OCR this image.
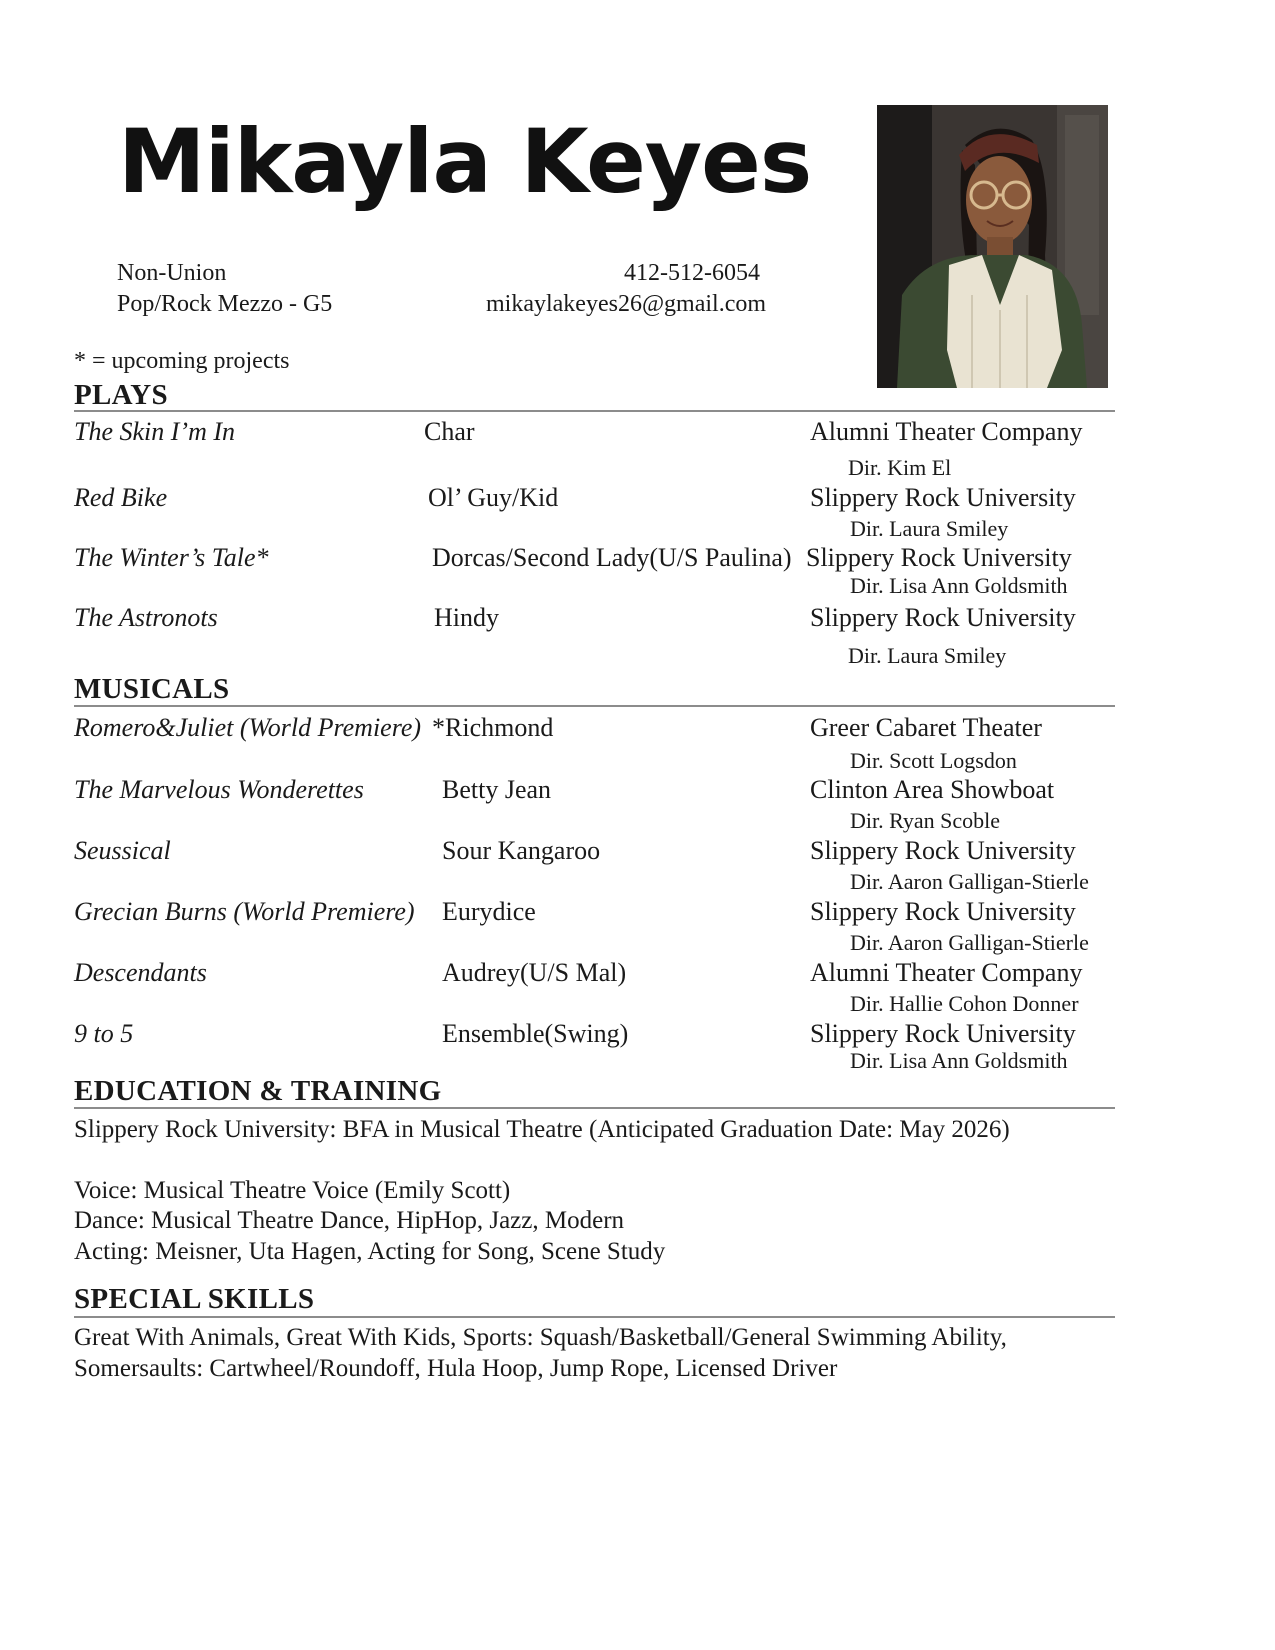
Mikayla Keyes
Non-Union
Pop/Rock Mezzo - G5
412-512-6054
mikaylakeyes26@gmail.com
* = upcoming projects
PLAYS
The Skin I’m In	Char	Alumni Theater Company
Dir. Kim El
Red Bike	Ol’ Guy/Kid	Slippery Rock University
Dir. Laura Smiley
The Winter’s Tale*	Dorcas/Second Lady(U/S Paulina) Slippery Rock University
Dir. Lisa Ann Goldsmith
The Astronots	Hindy	Slippery Rock University
Dir. Laura Smiley
MUSICALS
Romero&Juliet (World Premiere) *Richmond	Greer Cabaret Theater
Dir. Scott Logsdon
The Marvelous Wonderettes	Betty Jean	Clinton Area Showboat
Dir. Ryan Scoble
Seussical	Sour Kangaroo	Slippery Rock University
Dir. Aaron Galligan-Stierle
Grecian Burns (World Premiere) Eurydice	Slippery Rock University
Dir. Aaron Galligan-Stierle
Descendants	Audrey(U/S Mal)	Alumni Theater Company
Dir. Hallie Cohon Donner
9 to 5	Ensemble(Swing)	Slippery Rock University
Dir. Lisa Ann Goldsmith
EDUCATION & TRAINING
Slippery Rock University: BFA in Musical Theatre (Anticipated Graduation Date: May 2026)
Voice: Musical Theatre Voice (Emily Scott)
Dance: Musical Theatre Dance, HipHop, Jazz, Modern
Acting: Meisner, Uta Hagen, Acting for Song, Scene Study
SPECIAL SKILLS
Great With Animals, Great With Kids, Sports: Squash/Basketball/General Swimming Ability,
Somersaults: Cartwheel/Roundoff, Hula Hoop, Jump Rope, Licensed Driver
